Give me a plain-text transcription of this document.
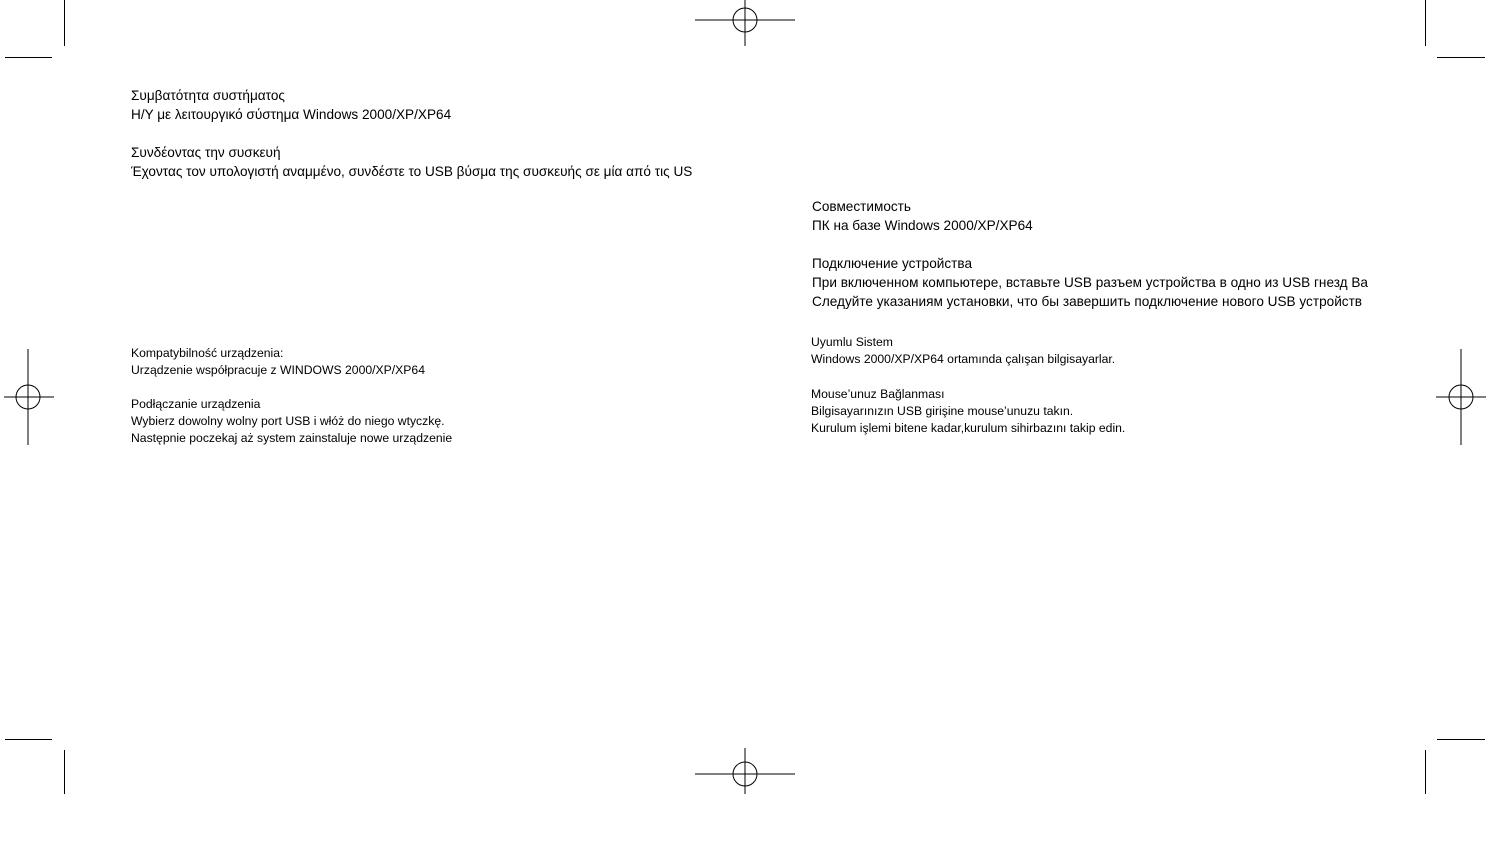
Συμβατότητα συστήματος
Η/Υ με λειτουργικό σύστημα Windows 2000/XP/XP64
Συνδέοντας την συσκευή
Έχοντας τον υπολογιστή αναμμένο, συνδέστε το USB βύσμα της συσκευής σε μία από τις US
Kompatybilność urządzenia:
Urządzenie współpracuje z WINDOWS 2000/XP/XP64
Podłączanie urządzenia
Wybierz dowolny wolny port USB i włóż do niego wtyczkę.
Następnie poczekaj aż system zainstaluje nowe urządzenie
Совместимость
ПК на базе Windows 2000/XP/XP64
Подключение устройства
При включенном компьютере, вставьте USB разъем устройства в одно из USB гнезд Ва
Следуйте указаниям установки, что бы завершить подключение нового USB устройств
Uyumlu Sistem
Windows 2000/XP/XP64 ortamında çalışan bilgisayarlar.
Mouse’unuz Bağlanması
Bilgisayarınızın USB girişine mouse’unuzu takın.
Kurulum işlemi bitene kadar,kurulum sihirbazını takip edin.
